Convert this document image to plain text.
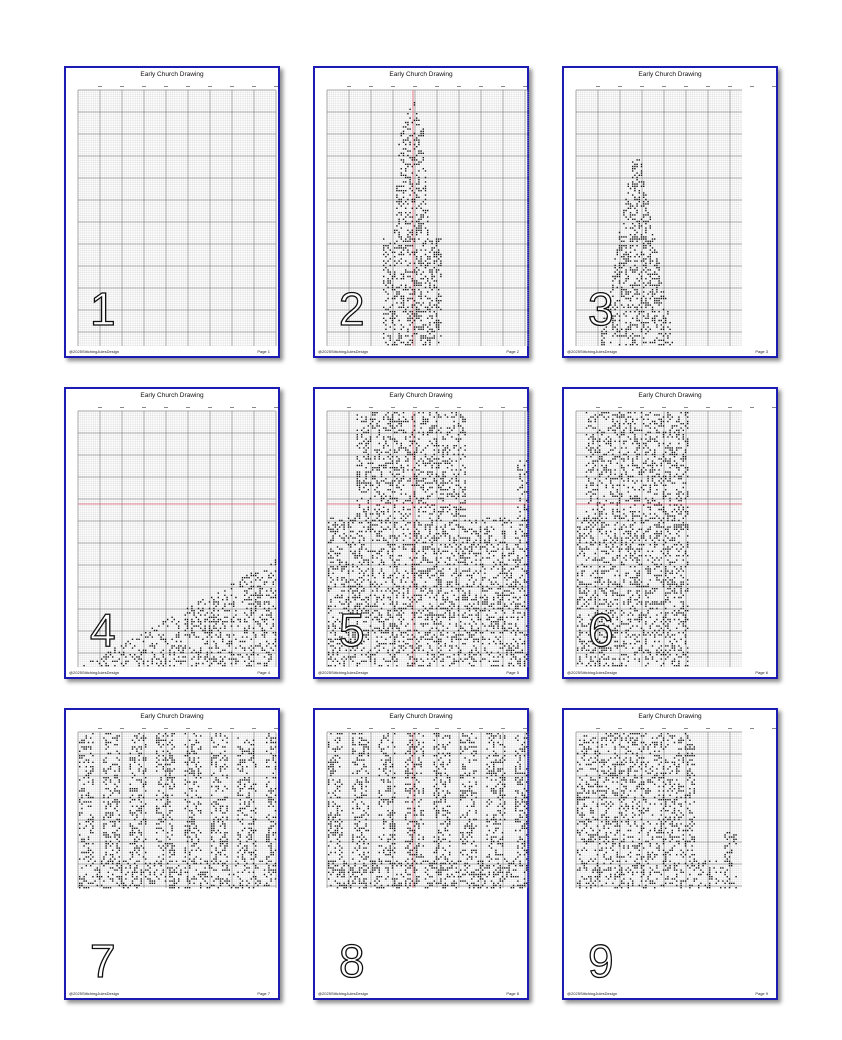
Early Church Drawing
1
@2025StitchingJulesDesign	Page 1
Early Church Drawing
2
@2025StitchingJulesDesign	Page 2
Early Church Drawing
3
@2025StitchingJulesDesign	Page 3
Early Church Drawing
4
@2025StitchingJulesDesign	Page 4
Early Church Drawing
5
@2025StitchingJulesDesign	Page 5
Early Church Drawing
6
@2025StitchingJulesDesign	Page 6
Early Church Drawing
7
@2025StitchingJulesDesign	Page 7
Early Church Drawing
8
@2025StitchingJulesDesign	Page 8
Early Church Drawing
9
@2025StitchingJulesDesign	Page 9
